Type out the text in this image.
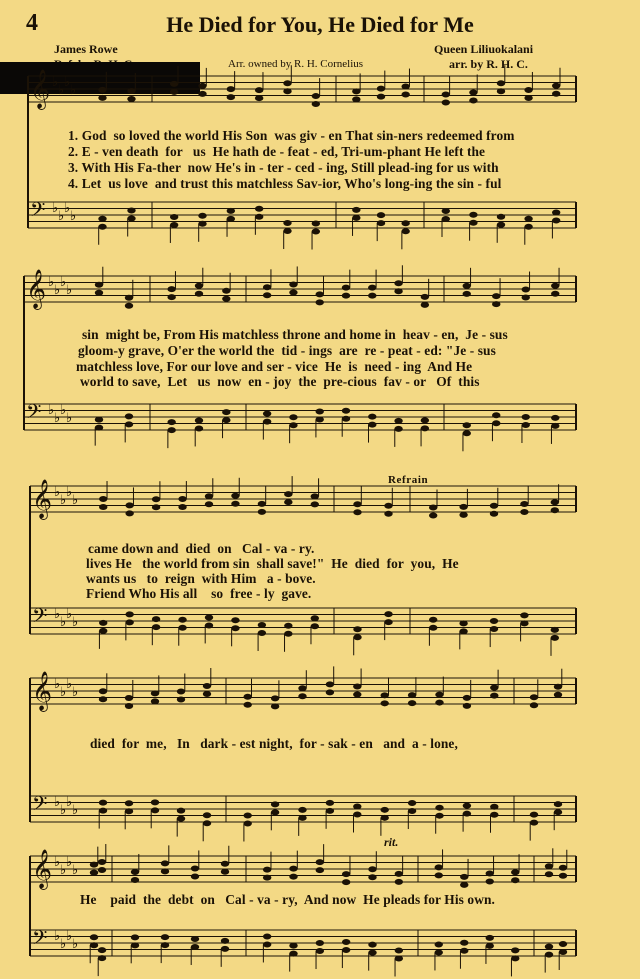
4	He Died for You, He Died for Me
James Rowe
Arr. owned by R. H. Cornelius
Queen Liliuokalani
arr. by R. H. C.
𝄞 ♭
♭
♭
♭
𝄢 ♭
♭
♭
♭
𝄞 ♭
♭
♭
♭
𝄢 ♭
♭
♭
♭
𝄞 ♭
♭
♭
♭
𝄢 ♭
♭
♭
♭
𝄞 ♭
♭
♭
♭
𝄢 ♭
♭
♭
♭
𝄞 ♭
♭
♭
♭
𝄢 ♭
♭
♭
♭
1. God  so loved the world His Son  was giv - en That sin-ners redeemed from
2. E - ven death  for   us  He hath de - feat - ed, Tri-um-phant He left the
3. With His Fa-ther  now He's in - ter - ced - ing, Still plead-ing for us with
4. Let  us love  and trust this matchless Sav-ior, Who's long-ing the sin - ful
sin  might be, From His matchless throne and home in  heav - en,  Je - sus
gloom-y grave, O'er the world the  tid - ings  are  re - peat - ed: "Je - sus
matchless love, For our love and ser - vice  He  is  need - ing  And He
world to save,  Let   us  now  en - joy  the  pre-cious  fav - or   Of  this
Refrain
came down and  died  on   Cal - va - ry.
lives He   the world from sin  shall save!"  He  died  for  you,  He
wants us   to  reign  with Him   a - bove.
Friend Who His all    so  free - ly  gave.
died  for  me,   In   dark - est night,  for - sak - en   and  a - lone,
rit.
He    paid  the  debt  on   Cal - va - ry,  And now  He pleads for His own.
